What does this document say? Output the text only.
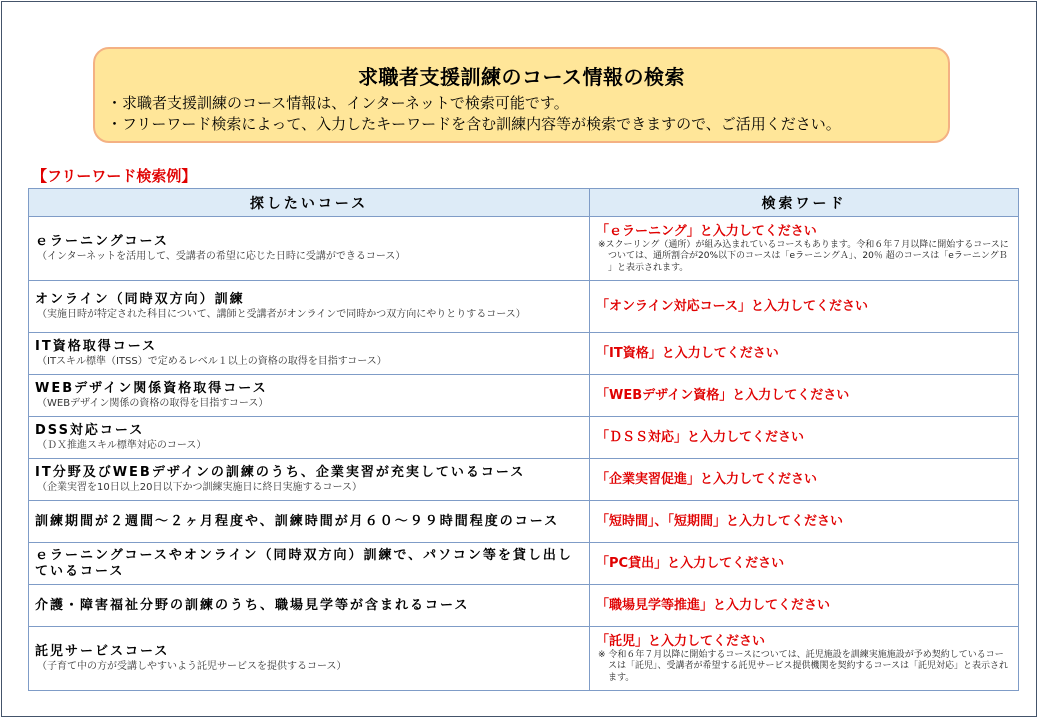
求職者支援訓練のコース情報の検索
・求職者支援訓練のコース情報は、インターネットで検索可能です。
・フリーワード検索によって、入力したキーワードを含む訓練内容等が検索できますので、ご活用ください。
【フリーワード検索例】
探したいコース	検索ワード

ｅラーニングコース
（インターネットを活用して、受講者の希望に応じた日時に受講ができるコース）	「ｅラーニング」と入力してください
※スクーリング（通所）が組み込まれているコースもあります。令和６年７月以降に開始するコースについては、通所割合が20%以下のコースは「eラーニングＡ」、20％ 超のコースは「eラーニングＢ 」と表示されます。

オンライン（同時双方向）訓練
（実施日時が特定された科目について、講師と受講者がオンラインで同時かつ双方向にやりとりするコース）	「オンライン対応コース」と入力してください

IT資格取得コース
（ITスキル標準（ITSS）で定めるレベル１以上の資格の取得を目指すコース）	「IT資格」と入力してください

WEBデザイン関係資格取得コース
（WEBデザイン関係の資格の取得を目指すコース）	「WEBデザイン資格」と入力してください

DSS対応コース
（ＤＸ推進スキル標準対応のコース）	「ＤＳＳ対応」と入力してください

IT分野及びWEBデザインの訓練のうち、企業実習が充実しているコース
（企業実習を10日以上20日以下かつ訓練実施日に終日実施するコース）	「企業実習促進」と入力してください

訓練期間が２週間～２ヶ月程度や、訓練時間が月６０～９９時間程度のコース	「短時間」、「短期間」と入力してください

ｅラーニングコースやオンライン（同時双方向）訓練で、パソコン等を貸し出しているコース	「PC貸出」と入力してください

介護・障害福祉分野の訓練のうち、職場見学等が含まれるコース	「職場見学等推進」と入力してください

託児サービスコース
（子育て中の方が受講しやすいよう託児サービスを提供するコース）	「託児」と入力してください
※ 令和６年７月以降に開始するコースについては、託児施設を訓練実施施設が予め契約しているコースは「託児」、受講者が希望する託児サービス提供機関を契約するコースは「託児対応」と表示されます。
